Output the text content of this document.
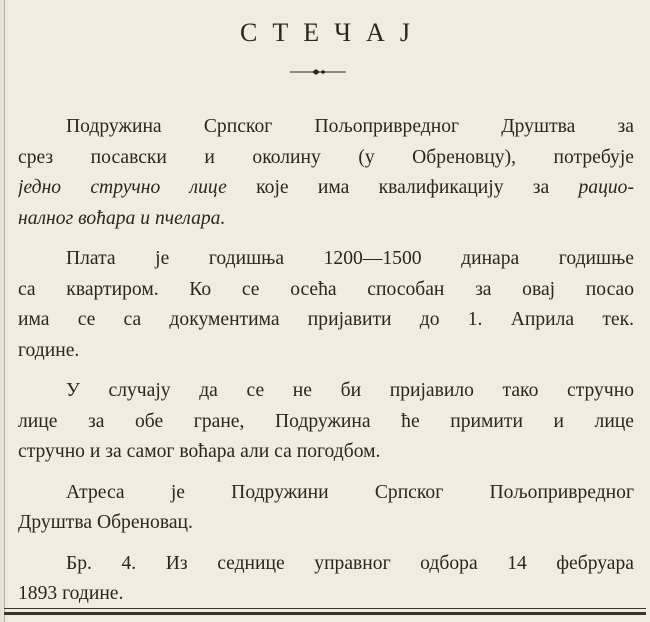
СТЕЧАЈ
Подружина Српског Пољопривредног Друштва за
срез посавски и околину (у Обреновцу), потребује
једно стручно лице које има квалификацију за рацио-
налног воћара и пчелара.
Плата је годишња 1200—1500 динара годишње
са квартиром. Ко се осећа способан за овај посао
има се са документима пријавити до 1. Априла тек.
године.
У случају да се не би пријавило тако стручно
лице за обе гране, Подружина ће примити и лице
стручно и за самог воћара али са погодбом.
Атреса је Подружини Српског Пољопривредног
Друштва Обреновац.
Бр. 4. Из седнице управног одбора 14 фебруара
1893 године.
